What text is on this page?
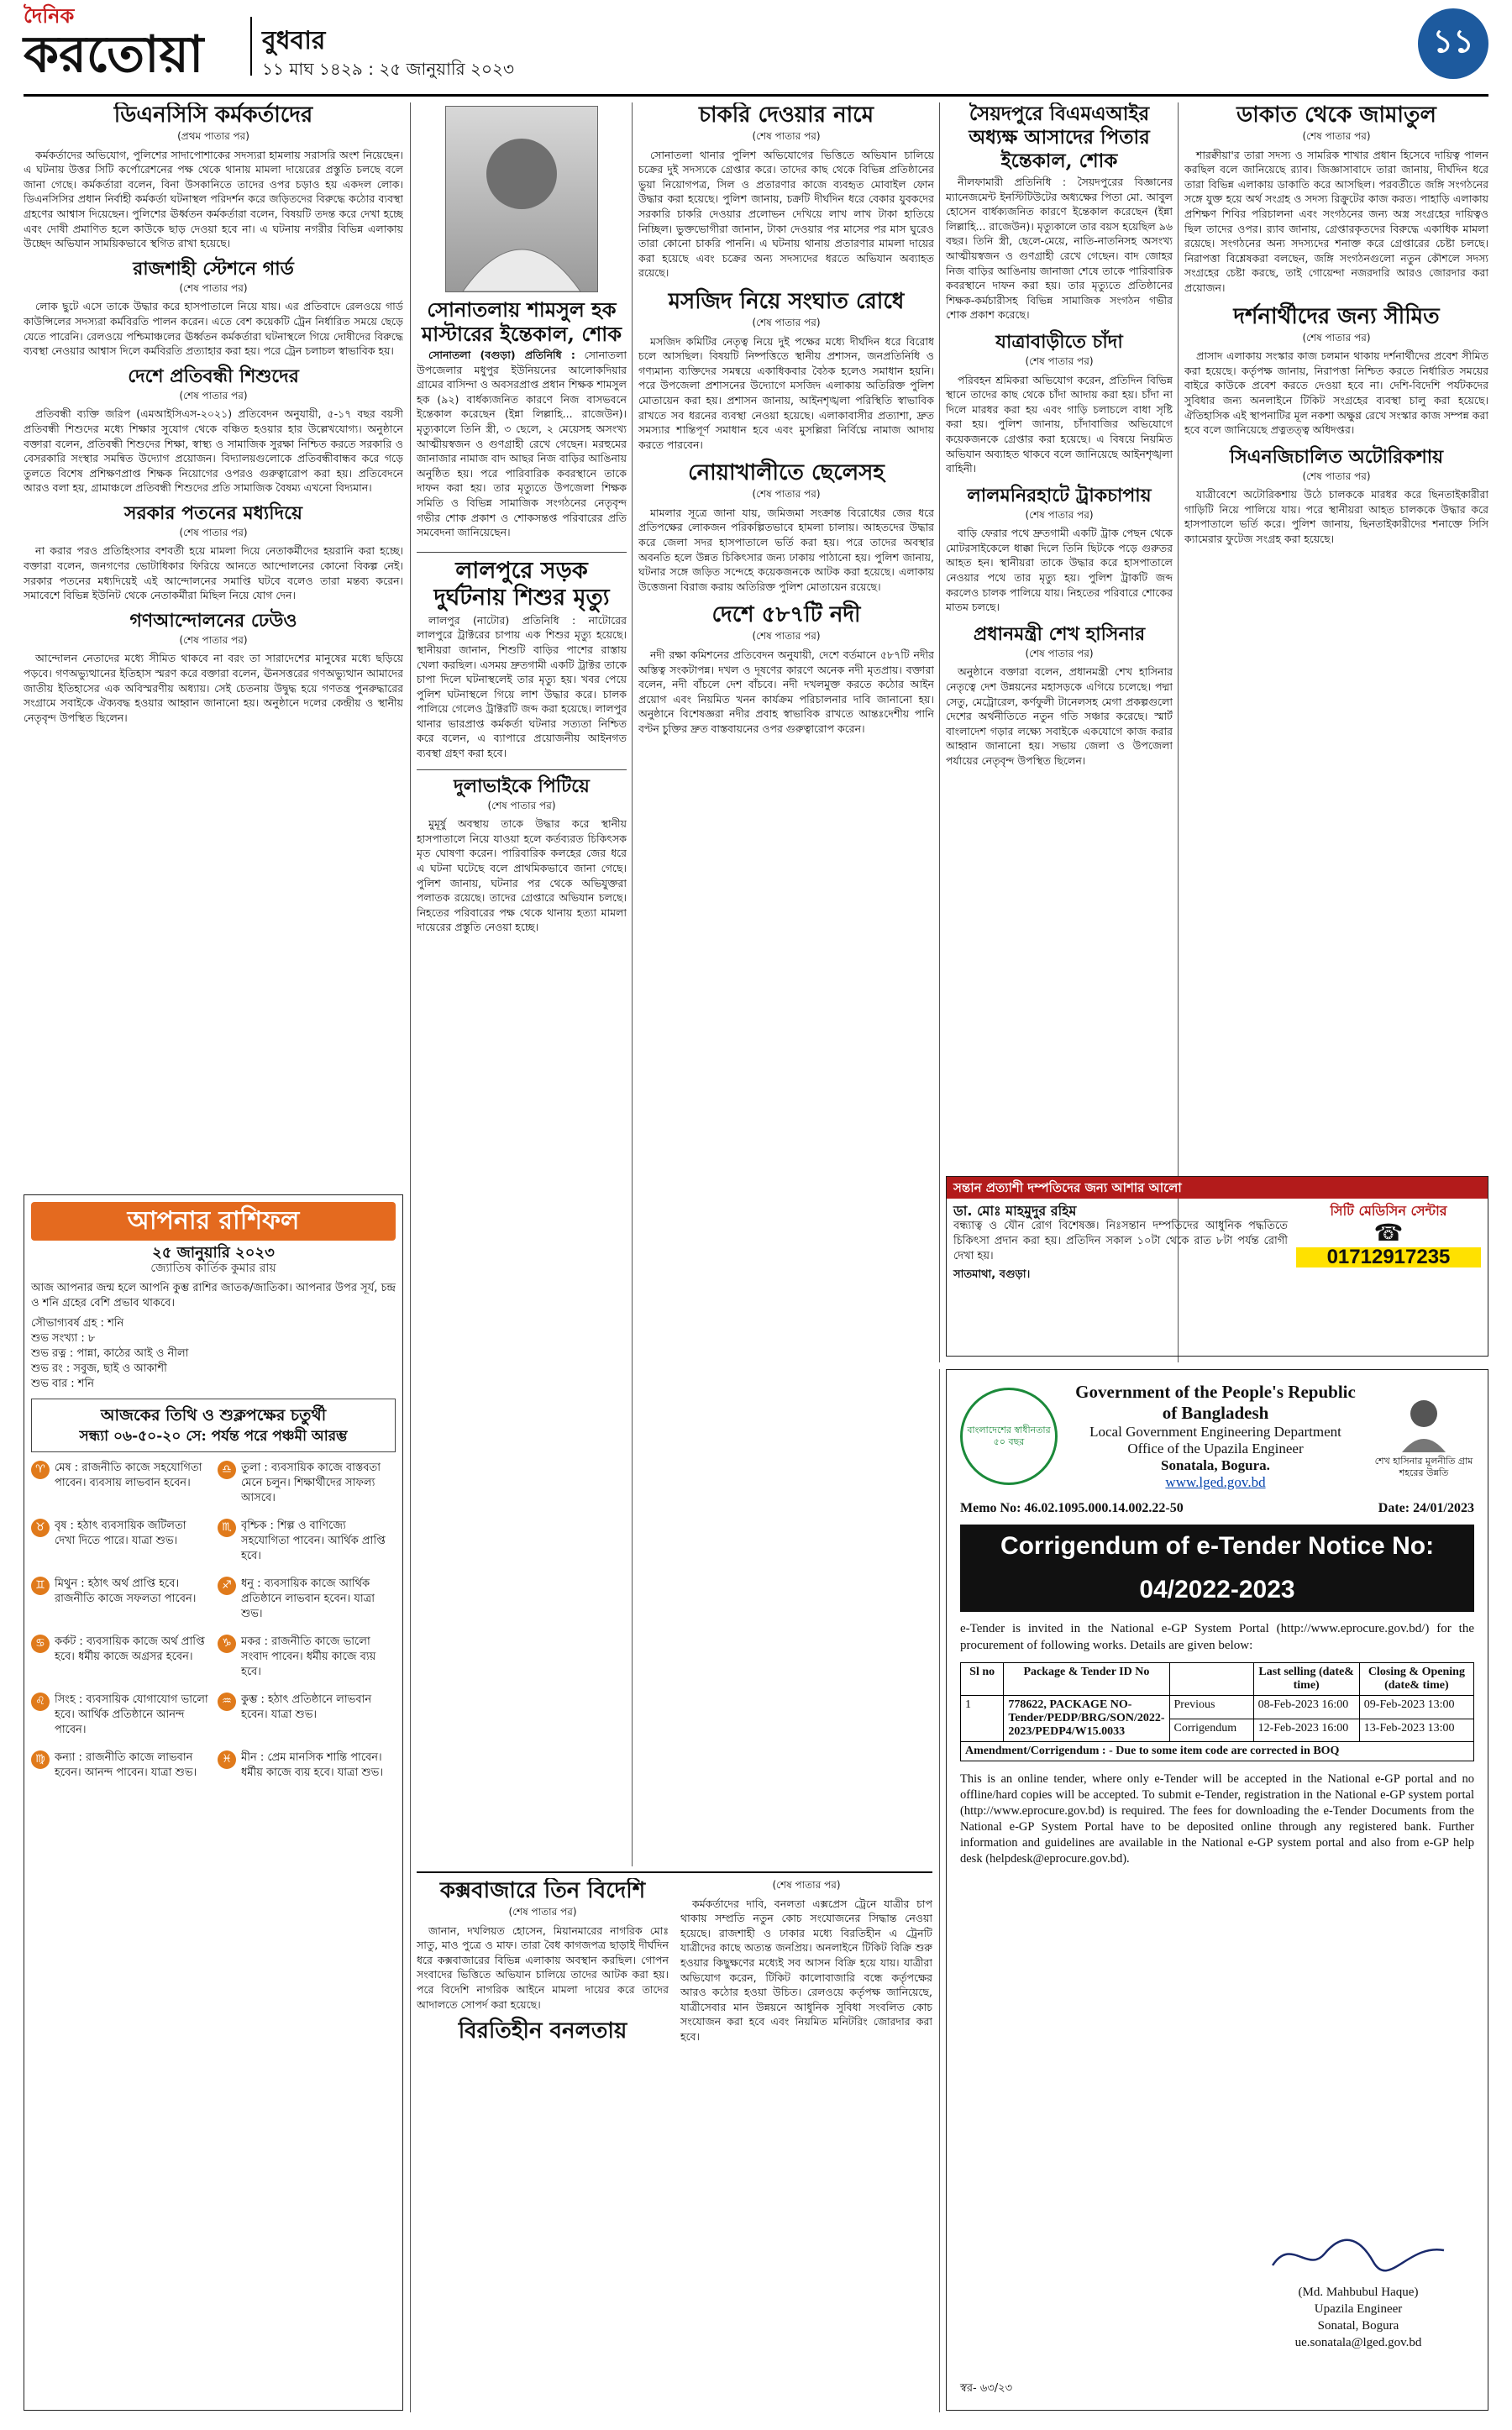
দৈনিক
করতোয়া	বুধবার
১১ মাঘ ১৪২৯ : ২৫ জানুয়ারি ২০২৩
১১
ডিএনসিসি কর্মকর্তাদের
(প্রথম পাতার পর)

কর্মকর্তাদের অভিযোগ, পুলিশের সাদাপোশাকের সদস্যরা হামলায় সরাসরি অংশ নিয়েছেন। এ ঘটনায় উত্তর সিটি কর্পোরেশনের পক্ষ থেকে থানায় মামলা দায়েরের প্রস্তুতি চলছে বলে জানা গেছে। কর্মকর্তারা বলেন, বিনা উসকানিতে তাদের ওপর চড়াও হয় একদল লোক। ডিএনসিসির প্রধান নির্বাহী কর্মকর্তা ঘটনাস্থল পরিদর্শন করে জড়িতদের বিরুদ্ধে কঠোর ব্যবস্থা গ্রহণের আশ্বাস দিয়েছেন। পুলিশের ঊর্ধ্বতন কর্মকর্তারা বলেন, বিষয়টি তদন্ত করে দেখা হচ্ছে এবং দোষী প্রমাণিত হলে কাউকে ছাড় দেওয়া হবে না। এ ঘটনায় নগরীর বিভিন্ন এলাকায় উচ্ছেদ অভিযান সাময়িকভাবে স্থগিত রাখা হয়েছে।

রাজশাহী স্টেশনে গার্ড
(শেষ পাতার পর)

লোক ছুটে এসে তাকে উদ্ধার করে হাসপাতালে নিয়ে যায়। এর প্রতিবাদে রেলওয়ে গার্ড কাউন্সিলের সদস্যরা কর্মবিরতি পালন করেন। এতে বেশ কয়েকটি ট্রেন নির্ধারিত সময়ে ছেড়ে যেতে পারেনি। রেলওয়ে পশ্চিমাঞ্চলের ঊর্ধ্বতন কর্মকর্তারা ঘটনাস্থলে গিয়ে দোষীদের বিরুদ্ধে ব্যবস্থা নেওয়ার আশ্বাস দিলে কর্মবিরতি প্রত্যাহার করা হয়। পরে ট্রেন চলাচল স্বাভাবিক হয়।

দেশে প্রতিবন্ধী শিশুদের
(শেষ পাতার পর)

প্রতিবন্ধী ব্যক্তি জরিপ (এমআইসিএস-২০২১) প্রতিবেদন অনুযায়ী, ৫-১৭ বছর বয়সী প্রতিবন্ধী শিশুদের মধ্যে শিক্ষার সুযোগ থেকে বঞ্চিত হওয়ার হার উল্লেখযোগ্য। অনুষ্ঠানে বক্তারা বলেন, প্রতিবন্ধী শিশুদের শিক্ষা, স্বাস্থ্য ও সামাজিক সুরক্ষা নিশ্চিত করতে সরকারি ও বেসরকারি সংস্থার সমন্বিত উদ্যোগ প্রয়োজন। বিদ্যালয়গুলোকে প্রতিবন্ধীবান্ধব করে গড়ে তুলতে বিশেষ প্রশিক্ষণপ্রাপ্ত শিক্ষক নিয়োগের ওপরও গুরুত্বারোপ করা হয়। প্রতিবেদনে আরও বলা হয়, গ্রামাঞ্চলে প্রতিবন্ধী শিশুদের প্রতি সামাজিক বৈষম্য এখনো বিদ্যমান।

সরকার পতনের মধ্যদিয়ে
(শেষ পাতার পর)

না করার পরও প্রতিহিংসার বশবর্তী হয়ে মামলা দিয়ে নেতাকর্মীদের হয়রানি করা হচ্ছে। বক্তারা বলেন, জনগণের ভোটাধিকার ফিরিয়ে আনতে আন্দোলনের কোনো বিকল্প নেই। সরকার পতনের মধ্যদিয়েই এই আন্দোলনের সমাপ্তি ঘটবে বলেও তারা মন্তব্য করেন। সমাবেশে বিভিন্ন ইউনিট থেকে নেতাকর্মীরা মিছিল নিয়ে যোগ দেন।

গণআন্দোলনের ঢেউও
(শেষ পাতার পর)

আন্দোলন নেতাদের মধ্যে সীমিত থাকবে না বরং তা সারাদেশের মানুষের মধ্যে ছড়িয়ে পড়বে। গণঅভ্যুত্থানের ইতিহাস স্মরণ করে বক্তারা বলেন, ঊনসত্তরের গণঅভ্যুত্থান আমাদের জাতীয় ইতিহাসের এক অবিস্মরণীয় অধ্যায়। সেই চেতনায় উদ্বুদ্ধ হয়ে গণতন্ত্র পুনরুদ্ধারের সংগ্রামে সবাইকে ঐক্যবদ্ধ হওয়ার আহ্বান জানানো হয়। অনুষ্ঠানে দলের কেন্দ্রীয় ও স্থানীয় নেতৃবৃন্দ উপস্থিত ছিলেন।

আপনার রাশিফল
২৫ জানুয়ারি ২০২৩
জ্যোতিষ কার্তিক কুমার রায়
আজ আপনার জন্ম হলে আপনি কুম্ভ রাশির জাতক/জাতিকা। আপনার উপর সূর্য, চন্দ্র ও শনি গ্রহের বেশি প্রভাব থাকবে।
সৌভাগ্যবর্ষ গ্রহ : শনি
শুভ সংখ্যা : ৮
শুভ রত্ন : পান্না, কাঠের আই ও নীলা
শুভ রং : সবুজ, ছাই ও আকাশী
শুভ বার : শনি
আজকের তিথি ও শুক্লপক্ষের চতুর্থী
সন্ধ্যা ০৬-৫০-২০ সে: পর্যন্ত পরে পঞ্চমী আরম্ভ
♈ মেষ : রাজনীতি কাজে সহযোগিতা পাবেন। ব্যবসায় লাভবান হবেন।
♎ তুলা : ব্যবসায়িক কাজে বাস্তবতা মেনে চলুন। শিক্ষার্থীদের সাফল্য আসবে।
♉ বৃষ : হঠাৎ ব্যবসায়িক জটিলতা দেখা দিতে পারে। যাত্রা শুভ।
♏ বৃশ্চিক : শিল্প ও বাণিজ্যে সহযোগিতা পাবেন। আর্থিক প্রাপ্তি হবে।
♊ মিথুন : হঠাৎ অর্থ প্রাপ্তি হবে। রাজনীতি কাজে সফলতা পাবেন।
♐ ধনু : ব্যবসায়িক কাজে আর্থিক প্রতিষ্ঠানে লাভবান হবেন। যাত্রা শুভ।
♋ কর্কট : ব্যবসায়িক কাজে অর্থ প্রাপ্তি হবে। ধর্মীয় কাজে অগ্রসর হবেন।
♑ মকর : রাজনীতি কাজে ভালো সংবাদ পাবেন। ধর্মীয় কাজে ব্যয় হবে।
♌ সিংহ : ব্যবসায়িক যোগাযোগ ভালো হবে। আর্থিক প্রতিষ্ঠানে আনন্দ পাবেন।
♒ কুম্ভ : হঠাৎ প্রতিষ্ঠানে লাভবান হবেন। যাত্রা শুভ।
♍ কন্যা : রাজনীতি কাজে লাভবান হবেন। আনন্দ পাবেন। যাত্রা শুভ।
♓ মীন : প্রেম মানসিক শান্তি পাবেন। ধর্মীয় কাজে ব্যয় হবে। যাত্রা শুভ।
সোনাতলায় শামসুল হক মাস্টারের ইন্তেকাল, শোক

সোনাতলা (বগুড়া) প্রতিনিধি : সোনাতলা উপজেলার মধুপুর ইউনিয়নের আলোকদিয়ার গ্রামের বাসিন্দা ও অবসরপ্রাপ্ত প্রধান শিক্ষক শামসুল হক (৯২) বার্ধক্যজনিত কারণে নিজ বাসভবনে ইন্তেকাল করেছেন (ইন্না লিল্লাহি... রাজেউন)। মৃত্যুকালে তিনি স্ত্রী, ৩ ছেলে, ২ মেয়েসহ অসংখ্য আত্মীয়স্বজন ও গুণগ্রাহী রেখে গেছেন। মরহুমের জানাজার নামাজ বাদ আছর নিজ বাড়ির আঙিনায় অনুষ্ঠিত হয়। পরে পারিবারিক কবরস্থানে তাকে দাফন করা হয়। তার মৃত্যুতে উপজেলা শিক্ষক সমিতি ও বিভিন্ন সামাজিক সংগঠনের নেতৃবৃন্দ গভীর শোক প্রকাশ ও শোকসন্তপ্ত পরিবারের প্রতি সমবেদনা জানিয়েছেন।

লালপুরে সড়ক দুর্ঘটনায় শিশুর মৃত্যু

লালপুর (নাটোর) প্রতিনিধি : নাটোরের লালপুরে ট্রাক্টরের চাপায় এক শিশুর মৃত্যু হয়েছে। স্থানীয়রা জানান, শিশুটি বাড়ির পাশের রাস্তায় খেলা করছিল। এসময় দ্রুতগামী একটি ট্রাক্টর তাকে চাপা দিলে ঘটনাস্থলেই তার মৃত্যু হয়। খবর পেয়ে পুলিশ ঘটনাস্থলে গিয়ে লাশ উদ্ধার করে। চালক পালিয়ে গেলেও ট্রাক্টরটি জব্দ করা হয়েছে। লালপুর থানার ভারপ্রাপ্ত কর্মকর্তা ঘটনার সত্যতা নিশ্চিত করে বলেন, এ ব্যাপারে প্রয়োজনীয় আইনগত ব্যবস্থা গ্রহণ করা হবে।

দুলাভাইকে পিটিয়ে
(শেষ পাতার পর)

মুমূর্ষু অবস্থায় তাকে উদ্ধার করে স্থানীয় হাসপাতালে নিয়ে যাওয়া হলে কর্তব্যরত চিকিৎসক মৃত ঘোষণা করেন। পারিবারিক কলহের জের ধরে এ ঘটনা ঘটেছে বলে প্রাথমিকভাবে জানা গেছে। পুলিশ জানায়, ঘটনার পর থেকে অভিযুক্তরা পলাতক রয়েছে। তাদের গ্রেপ্তারে অভিযান চলছে। নিহতের পরিবারের পক্ষ থেকে থানায় হত্যা মামলা দায়েরের প্রস্তুতি নেওয়া হচ্ছে।

চাকরি দেওয়ার নামে
(শেষ পাতার পর)

সোনাতলা থানার পুলিশ অভিযোগের ভিত্তিতে অভিযান চালিয়ে চক্রের দুই সদস্যকে গ্রেপ্তার করে। তাদের কাছ থেকে বিভিন্ন প্রতিষ্ঠানের ভুয়া নিয়োগপত্র, সিল ও প্রতারণার কাজে ব্যবহৃত মোবাইল ফোন উদ্ধার করা হয়েছে। পুলিশ জানায়, চক্রটি দীর্ঘদিন ধরে বেকার যুবকদের সরকারি চাকরি দেওয়ার প্রলোভন দেখিয়ে লাখ লাখ টাকা হাতিয়ে নিচ্ছিল। ভুক্তভোগীরা জানান, টাকা দেওয়ার পর মাসের পর মাস ঘুরেও তারা কোনো চাকরি পাননি। এ ঘটনায় থানায় প্রতারণার মামলা দায়ের করা হয়েছে এবং চক্রের অন্য সদস্যদের ধরতে অভিযান অব্যাহত রয়েছে।

মসজিদ নিয়ে সংঘাত রোধে
(শেষ পাতার পর)

মসজিদ কমিটির নেতৃত্ব নিয়ে দুই পক্ষের মধ্যে দীর্ঘদিন ধরে বিরোধ চলে আসছিল। বিষয়টি নিষ্পত্তিতে স্থানীয় প্রশাসন, জনপ্রতিনিধি ও গণ্যমান্য ব্যক্তিদের সমন্বয়ে একাধিকবার বৈঠক হলেও সমাধান হয়নি। পরে উপজেলা প্রশাসনের উদ্যোগে মসজিদ এলাকায় অতিরিক্ত পুলিশ মোতায়েন করা হয়। প্রশাসন জানায়, আইনশৃঙ্খলা পরিস্থিতি স্বাভাবিক রাখতে সব ধরনের ব্যবস্থা নেওয়া হয়েছে। এলাকাবাসীর প্রত্যাশা, দ্রুত সমস্যার শান্তিপূর্ণ সমাধান হবে এবং মুসল্লিরা নির্বিঘ্নে নামাজ আদায় করতে পারবেন।

নোয়াখালীতে ছেলেসহ
(শেষ পাতার পর)

মামলার সূত্রে জানা যায়, জমিজমা সংক্রান্ত বিরোধের জের ধরে প্রতিপক্ষের লোকজন পরিকল্পিতভাবে হামলা চালায়। আহতদের উদ্ধার করে জেলা সদর হাসপাতালে ভর্তি করা হয়। পরে তাদের অবস্থার অবনতি হলে উন্নত চিকিৎসার জন্য ঢাকায় পাঠানো হয়। পুলিশ জানায়, ঘটনার সঙ্গে জড়িত সন্দেহে কয়েকজনকে আটক করা হয়েছে। এলাকায় উত্তেজনা বিরাজ করায় অতিরিক্ত পুলিশ মোতায়েন রয়েছে।

দেশে ৫৮৭টি নদী
(শেষ পাতার পর)

নদী রক্ষা কমিশনের প্রতিবেদন অনুযায়ী, দেশে বর্তমানে ৫৮৭টি নদীর অস্তিত্ব সংকটাপন্ন। দখল ও দূষণের কারণে অনেক নদী মৃতপ্রায়। বক্তারা বলেন, নদী বাঁচলে দেশ বাঁচবে। নদী দখলমুক্ত করতে কঠোর আইন প্রয়োগ এবং নিয়মিত খনন কার্যক্রম পরিচালনার দাবি জানানো হয়। অনুষ্ঠানে বিশেষজ্ঞরা নদীর প্রবাহ স্বাভাবিক রাখতে আন্তঃদেশীয় পানি বণ্টন চুক্তির দ্রুত বাস্তবায়নের ওপর গুরুত্বারোপ করেন।

সৈয়দপুরে বিএমএআইর অধ্যক্ষ আসাদের পিতার ইন্তেকাল, শোক

নীলফামারী প্রতিনিধি : সৈয়দপুরের বিজ্ঞানের ম্যানেজমেন্ট ইনস্টিটিউটের অধ্যক্ষের পিতা মো. আবুল হোসেন বার্ধক্যজনিত কারণে ইন্তেকাল করেছেন (ইন্না লিল্লাহি... রাজেউন)। মৃত্যুকালে তার বয়স হয়েছিল ৯৬ বছর। তিনি স্ত্রী, ছেলে-মেয়ে, নাতি-নাতনিসহ অসংখ্য আত্মীয়স্বজন ও গুণগ্রাহী রেখে গেছেন। বাদ জোহর নিজ বাড়ির আঙিনায় জানাজা শেষে তাকে পারিবারিক কবরস্থানে দাফন করা হয়। তার মৃত্যুতে প্রতিষ্ঠানের শিক্ষক-কর্মচারীসহ বিভিন্ন সামাজিক সংগঠন গভীর শোক প্রকাশ করেছে।

যাত্রাবাড়ীতে চাঁদা
(শেষ পাতার পর)

পরিবহন শ্রমিকরা অভিযোগ করেন, প্রতিদিন বিভিন্ন স্থানে তাদের কাছ থেকে চাঁদা আদায় করা হয়। চাঁদা না দিলে মারধর করা হয় এবং গাড়ি চলাচলে বাধা সৃষ্টি করা হয়। পুলিশ জানায়, চাঁদাবাজির অভিযোগে কয়েকজনকে গ্রেপ্তার করা হয়েছে। এ বিষয়ে নিয়মিত অভিযান অব্যাহত থাকবে বলে জানিয়েছে আইনশৃঙ্খলা বাহিনী।

লালমনিরহাটে ট্রাকচাপায়
(শেষ পাতার পর)

বাড়ি ফেরার পথে দ্রুতগামী একটি ট্রাক পেছন থেকে মোটরসাইকেলে ধাক্কা দিলে তিনি ছিটকে পড়ে গুরুতর আহত হন। স্থানীয়রা তাকে উদ্ধার করে হাসপাতালে নেওয়ার পথে তার মৃত্যু হয়। পুলিশ ট্রাকটি জব্দ করলেও চালক পালিয়ে যায়। নিহতের পরিবারে শোকের মাতম চলছে।

প্রধানমন্ত্রী শেখ হাসিনার
(শেষ পাতার পর)

অনুষ্ঠানে বক্তারা বলেন, প্রধানমন্ত্রী শেখ হাসিনার নেতৃত্বে দেশ উন্নয়নের মহাসড়কে এগিয়ে চলেছে। পদ্মা সেতু, মেট্রোরেল, কর্ণফুলী টানেলসহ মেগা প্রকল্পগুলো দেশের অর্থনীতিতে নতুন গতি সঞ্চার করেছে। স্মার্ট বাংলাদেশ গড়ার লক্ষ্যে সবাইকে একযোগে কাজ করার আহ্বান জানানো হয়। সভায় জেলা ও উপজেলা পর্যায়ের নেতৃবৃন্দ উপস্থিত ছিলেন।

ডাকাত থেকে জামাতুল
(শেষ পাতার পর)

শারক্বীয়া'র তারা সদস্য ও সামরিক শাখার প্রধান হিসেবে দায়িত্ব পালন করছিল বলে জানিয়েছে র‍্যাব। জিজ্ঞাসাবাদে তারা জানায়, দীর্ঘদিন ধরে তারা বিভিন্ন এলাকায় ডাকাতি করে আসছিল। পরবর্তীতে জঙ্গি সংগঠনের সঙ্গে যুক্ত হয়ে অর্থ সংগ্রহ ও সদস্য রিক্রুটের কাজ করত। পাহাড়ি এলাকায় প্রশিক্ষণ শিবির পরিচালনা এবং সংগঠনের জন্য অস্ত্র সংগ্রহের দায়িত্বও ছিল তাদের ওপর। র‍্যাব জানায়, গ্রেপ্তারকৃতদের বিরুদ্ধে একাধিক মামলা রয়েছে। সংগঠনের অন্য সদস্যদের শনাক্ত করে গ্রেপ্তারের চেষ্টা চলছে। নিরাপত্তা বিশ্লেষকরা বলছেন, জঙ্গি সংগঠনগুলো নতুন কৌশলে সদস্য সংগ্রহের চেষ্টা করছে, তাই গোয়েন্দা নজরদারি আরও জোরদার করা প্রয়োজন।

দর্শনার্থীদের জন্য সীমিত
(শেষ পাতার পর)

প্রাসাদ এলাকায় সংস্কার কাজ চলমান থাকায় দর্শনার্থীদের প্রবেশ সীমিত করা হয়েছে। কর্তৃপক্ষ জানায়, নিরাপত্তা নিশ্চিত করতে নির্ধারিত সময়ের বাইরে কাউকে প্রবেশ করতে দেওয়া হবে না। দেশি-বিদেশি পর্যটকদের সুবিধার জন্য অনলাইনে টিকিট সংগ্রহের ব্যবস্থা চালু করা হয়েছে। ঐতিহাসিক এই স্থাপনাটির মূল নকশা অক্ষুণ্ণ রেখে সংস্কার কাজ সম্পন্ন করা হবে বলে জানিয়েছে প্রত্নতত্ত্ব অধিদপ্তর।

সিএনজিচালিত অটোরিকশায়
(শেষ পাতার পর)

যাত্রীবেশে অটোরিকশায় উঠে চালককে মারধর করে ছিনতাইকারীরা গাড়িটি নিয়ে পালিয়ে যায়। পরে স্থানীয়রা আহত চালককে উদ্ধার করে হাসপাতালে ভর্তি করে। পুলিশ জানায়, ছিনতাইকারীদের শনাক্তে সিসি ক্যামেরার ফুটেজ সংগ্রহ করা হয়েছে।

সন্তান প্রত্যাশী দম্পতিদের জন্য আশার আলো
ডা. মোঃ মাহমুদুর রহিম
বন্ধ্যাত্ব ও যৌন রোগ বিশেষজ্ঞ। নিঃসন্তান দম্পতিদের আধুনিক পদ্ধতিতে চিকিৎসা প্রদান করা হয়। প্রতিদিন সকাল ১০টা থেকে রাত ৮টা পর্যন্ত রোগী দেখা হয়।
সাতমাথা, বগুড়া।
সিটি মেডিসিন সেন্টার
☎
01712917235
কক্সবাজারে তিন বিদেশি
(শেষ পাতার পর)

জানান, দখলিয়ত হোসেন, মিয়ানমারের নাগরিক মোঃ সাতু, মাও পুত্রে ও মাফ। তারা বৈধ কাগজপত্র ছাড়াই দীর্ঘদিন ধরে কক্সবাজারের বিভিন্ন এলাকায় অবস্থান করছিল। গোপন সংবাদের ভিত্তিতে অভিযান চালিয়ে তাদের আটক করা হয়। পরে বিদেশি নাগরিক আইনে মামলা দায়ের করে তাদের আদালতে সোপর্দ করা হয়েছে।

বিরতিহীন বনলতায়
(শেষ পাতার পর)

কর্মকর্তাদের দাবি, বনলতা এক্সপ্রেস ট্রেনে যাত্রীর চাপ থাকায় সম্প্রতি নতুন কোচ সংযোজনের সিদ্ধান্ত নেওয়া হয়েছে। রাজশাহী ও ঢাকার মধ্যে বিরতিহীন এ ট্রেনটি যাত্রীদের কাছে অত্যন্ত জনপ্রিয়। অনলাইনে টিকিট বিক্রি শুরু হওয়ার কিছুক্ষণের মধ্যেই সব আসন বিক্রি হয়ে যায়। যাত্রীরা অভিযোগ করেন, টিকিট কালোবাজারি বন্ধে কর্তৃপক্ষের আরও কঠোর হওয়া উচিত। রেলওয়ে কর্তৃপক্ষ জানিয়েছে, যাত্রীসেবার মান উন্নয়নে আধুনিক সুবিধা সংবলিত কোচ সংযোজন করা হবে এবং নিয়মিত মনিটরিং জোরদার করা হবে।

বাংলাদেশের স্বাধীনতার ৫০ বছর
Government of the People's Republic of Bangladesh
Local Government Engineering Department
Office of the Upazila Engineer
Sonatala, Bogura.
www.lged.gov.bd
শেখ হাসিনার মূলনীতি গ্রাম শহরের উন্নতি
Memo No: 46.02.1095.000.14.002.22-50	Date: 24/01/2023
Corrigendum of e-Tender Notice No: 04/2022-2023
e-Tender is invited in the National e-GP System Portal (http://www.eprocure.gov.bd/) for the procurement of following works. Details are given below:
Sl no	Package & Tender ID No		Last selling (date& time)	Closing & Opening (date& time)
1	778622, PACKAGE NO- Tender/PEDP/BRG/SON/2022-2023/PEDP4/W15.0033	Previous	08-Feb-2023 16:00	09-Feb-2023 13:00
		Corrigendum	12-Feb-2023 16:00	13-Feb-2023 13:00
Amendment/Corrigendum : - Due to some item code are corrected in BOQ				
This is an online tender, where only e-Tender will be accepted in the National e-GP portal and no offline/hard copies will be accepted. To submit e-Tender, registration in the National e-GP system portal (http://www.eprocure.gov.bd) is required. The fees for downloading the e-Tender Documents from the National e-GP System Portal have to be deposited online through any registered bank. Further information and guidelines are available in the National e-GP system portal and also from e-GP help desk (helpdesk@eprocure.gov.bd).
(Md. Mahbubul Haque)
Upazila Engineer
Sonatal, Bogura
ue.sonatala@lged.gov.bd
স্বর- ৬৩/২৩
